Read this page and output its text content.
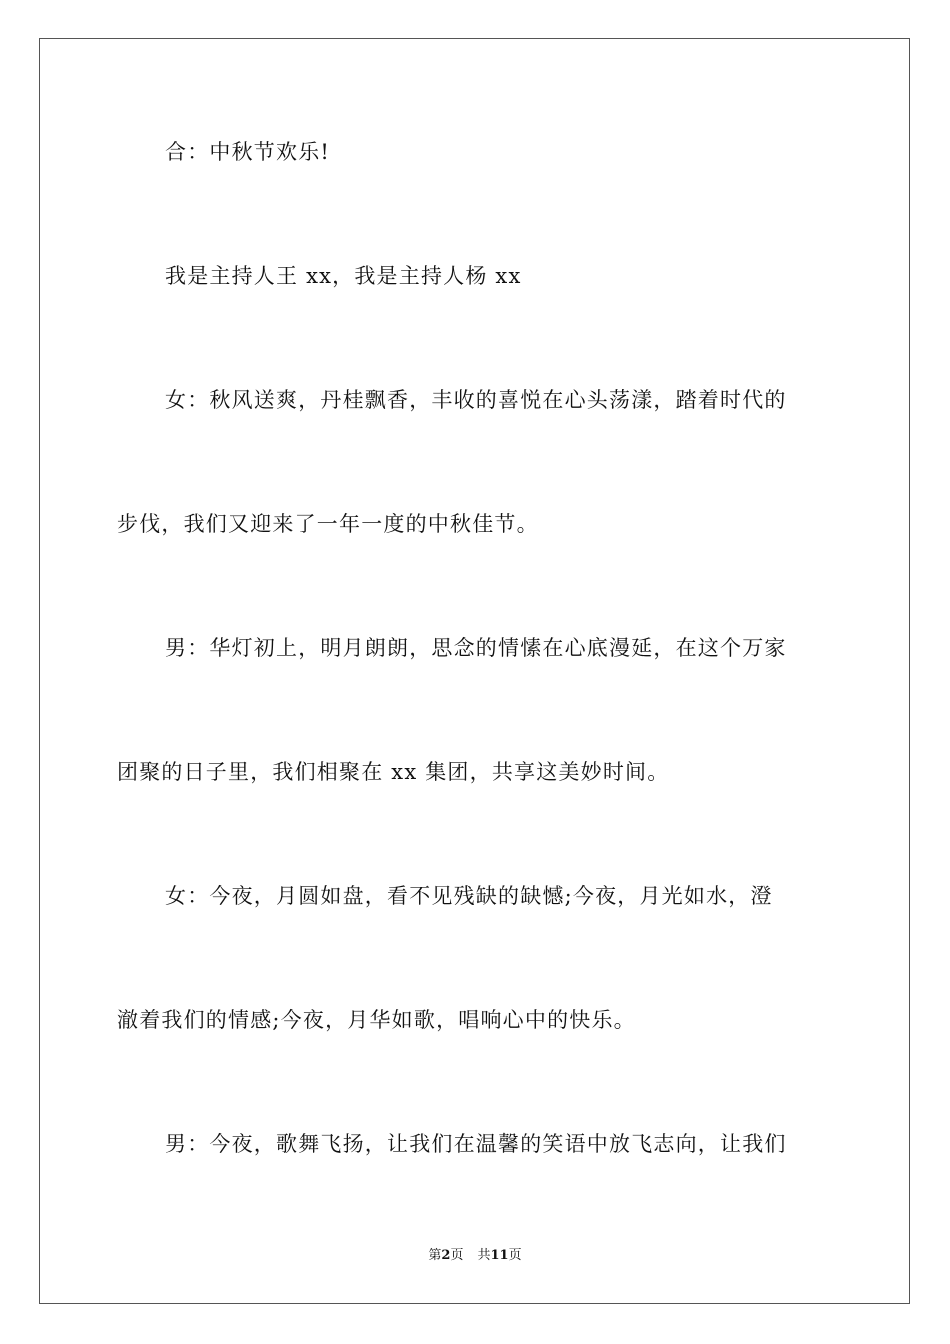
合：中秋节欢乐!
我是主持人王 xx，我是主持人杨 xx
女：秋风送爽，丹桂飘香，丰收的喜悦在心头荡漾，踏着时代的
步伐，我们又迎来了一年一度的中秋佳节。
男：华灯初上，明月朗朗，思念的情愫在心底漫延，在这个万家
团聚的日子里，我们相聚在 xx 集团，共享这美妙时间。
女：今夜，月圆如盘，看不见残缺的缺憾;今夜，月光如水，澄
澈着我们的情感;今夜，月华如歌，唱响心中的快乐。
男：今夜，歌舞飞扬，让我们在温馨的笑语中放飞志向，让我们
第2页 共11页
